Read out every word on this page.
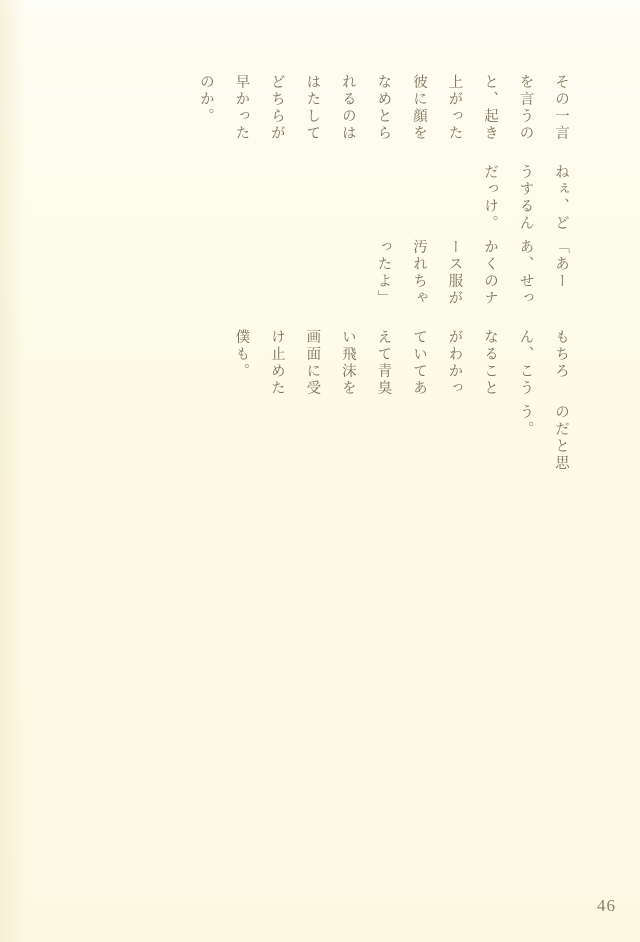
その一言を言うのと、起き上がった彼に顔をなめとられるのははたしてどちらが早かったのか。

ねぇ、どうするんだっけ。

「あーあ、せっかくのナース服が汚れちゃったよ」

もちろん、こうなることがわかっていてあえて青臭い飛沫を画面に受け止めた僕も。

のだと思う。

46
